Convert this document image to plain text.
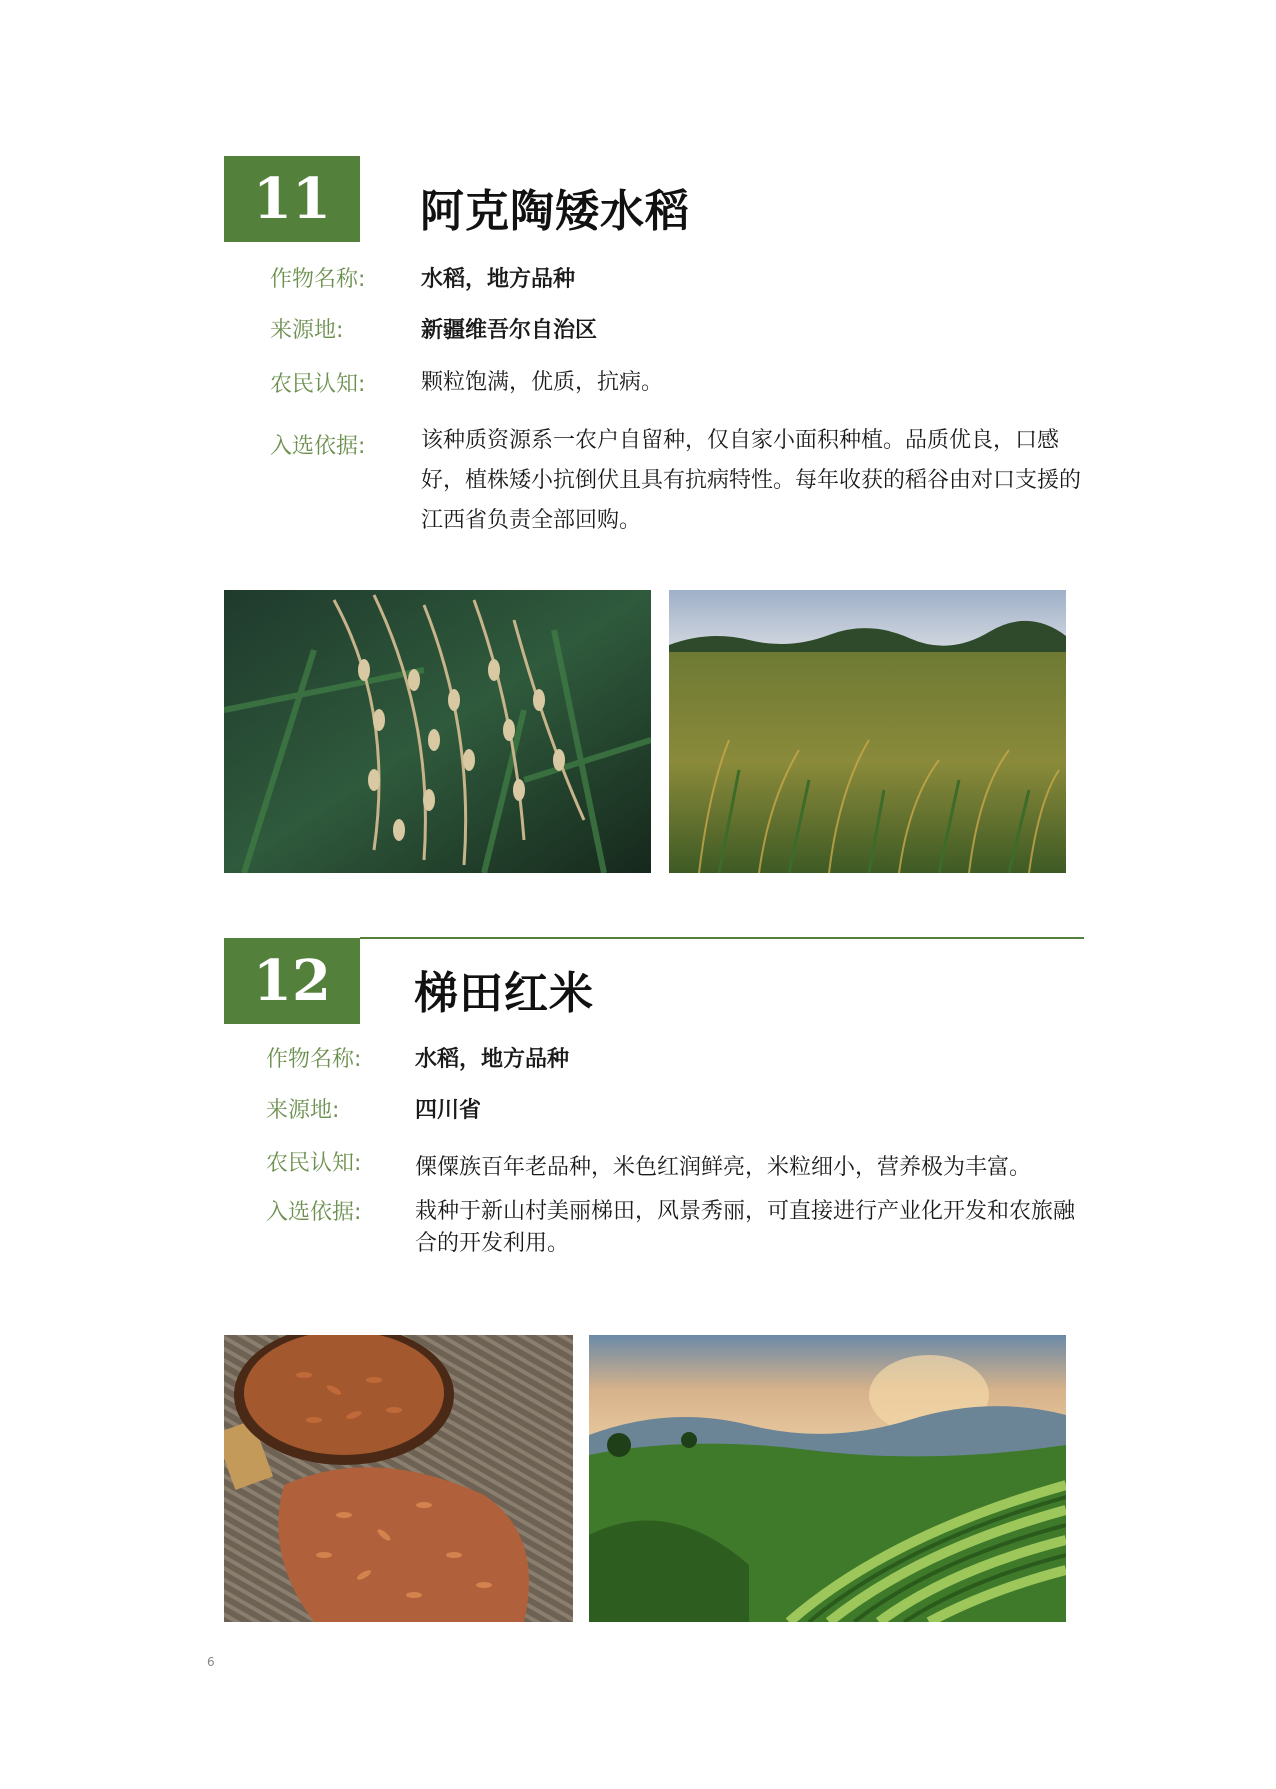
11 阿克陶矮水稻
作物名称:	水稻，地方品种
来源地:	新疆维吾尔自治区
农民认知:	颗粒饱满，优质，抗病。
入选依据:	该种质资源系一农户自留种，仅自家小面积种植。品质优良，口感好，植株矮小抗倒伏且具有抗病特性。每年收获的稻谷由对口支援的江西省负责全部回购。
12 梯田红米
作物名称: 水稻，地方品种
来源地:	四川省
农民认知: 傈僳族百年老品种，米色红润鲜亮，米粒细小，营养极为丰富。
入选依据: 栽种于新山村美丽梯田，风景秀丽，可直接进行产业化开发和农旅融合的开发利用。
6
